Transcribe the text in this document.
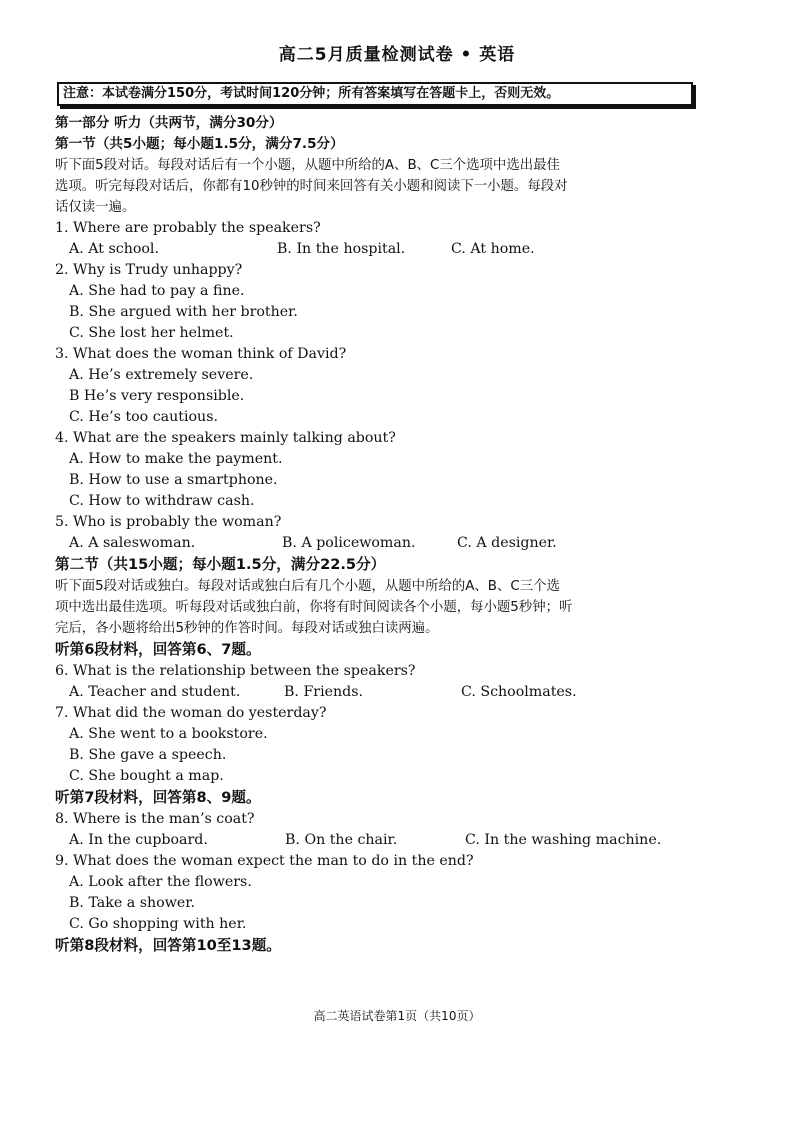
高二5月质量检测试卷 • 英语
注意：本试卷满分150分，考试时间120分钟；所有答案填写在答题卡上，否则无效。
第一部分 听力（共两节，满分30分）
第一节（共5小题；每小题1.5分，满分7.5分）
听下面5段对话。每段对话后有一个小题，从题中所给的A、B、C三个选项中选出最佳
选项。听完每段对话后，你都有10秒钟的时间来回答有关小题和阅读下一小题。每段对
话仅读一遍。
1. Where are probably the speakers?
A. At school.	B. In the hospital.	C. At home.
2. Why is Trudy unhappy?
A. She had to pay a fine.
B. She argued with her brother.
C. She lost her helmet.
3. What does the woman think of David?
A. He’s extremely severe.
B He’s very responsible.
C. He’s too cautious.
4. What are the speakers mainly talking about?
A. How to make the payment.
B. How to use a smartphone.
C. How to withdraw cash.
5. Who is probably the woman?
A. A saleswoman.	B. A policewoman.	C. A designer.
第二节（共15小题；每小题1.5分，满分22.5分）
听下面5段对话或独白。每段对话或独白后有几个小题，从题中所给的A、B、C三个选
项中选出最佳选项。听每段对话或独白前，你将有时间阅读各个小题，每小题5秒钟；听
完后，各小题将给出5秒钟的作答时间。每段对话或独白读两遍。
听第6段材料，回答第6、7题。
6. What is the relationship between the speakers?
A. Teacher and student.	B. Friends.	C. Schoolmates.
7. What did the woman do yesterday?
A. She went to a bookstore.
B. She gave a speech.
C. She bought a map.
听第7段材料，回答第8、9题。
8. Where is the man’s coat?
A. In the cupboard.	B. On the chair.	C. In the washing machine.
9. What does the woman expect the man to do in the end?
A. Look after the flowers.
B. Take a shower.
C. Go shopping with her.
听第8段材料，回答第10至13题。
高二英语试卷第1页（共10页）
